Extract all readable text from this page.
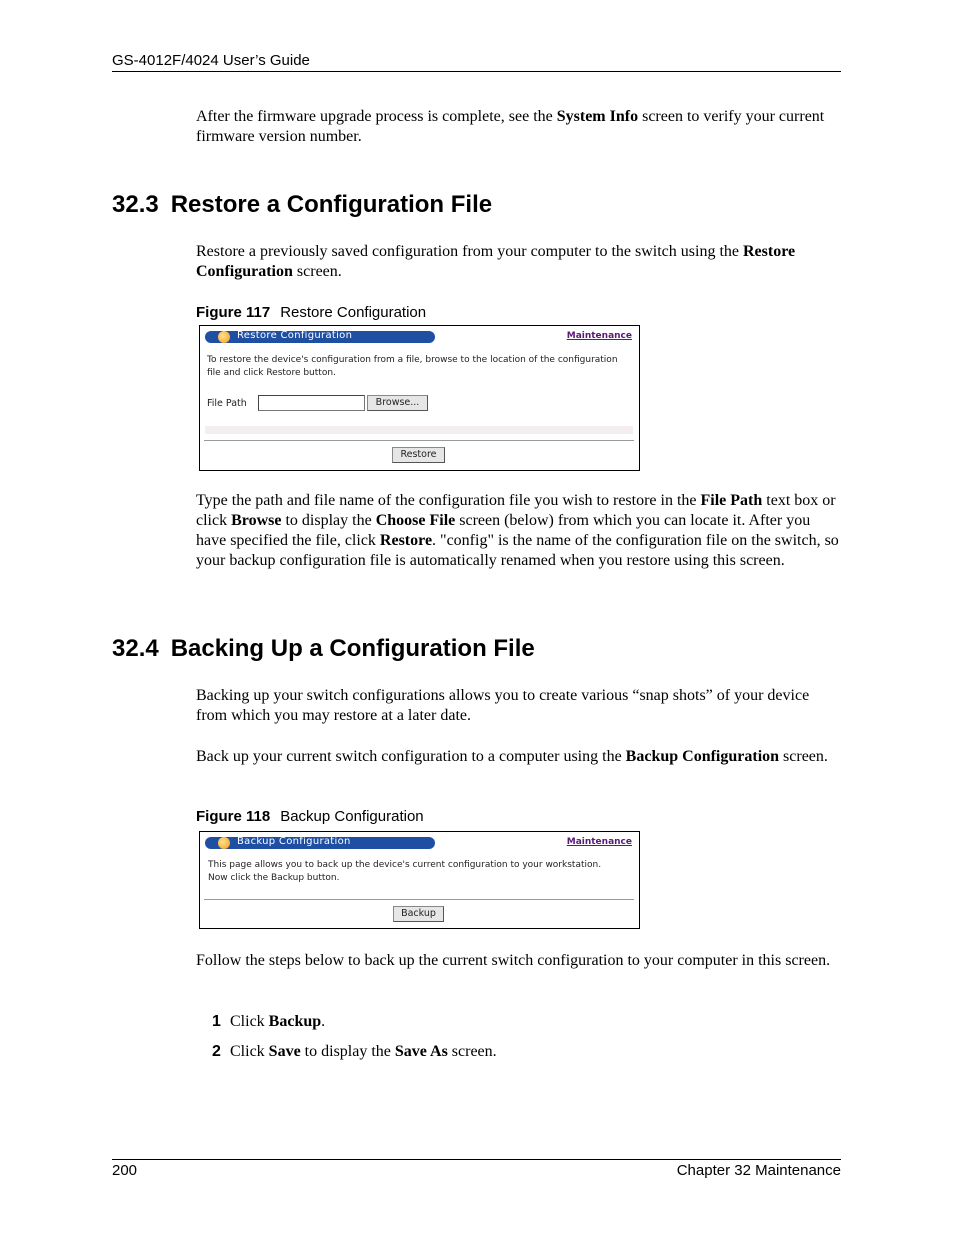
GS-4012F/4024 User’s Guide

After the firmware upgrade process is complete, see the System Info screen to verify your current firmware version number.

32.3 Restore a Configuration File

Restore a previously saved configuration from your computer to the switch using the Restore Configuration screen.

Figure 117 Restore Configuration
Restore Configuration	Maintenance
To restore the device's configuration from a file, browse to the location of the configuration file and click Restore button.
File Path	Browse...
Restore

Type the path and file name of the configuration file you wish to restore in the File Path text box or click Browse to display the Choose File screen (below) from which you can locate it. After you have specified the file, click Restore. "config" is the name of the configuration file on the switch, so your backup configuration file is automatically renamed when you restore using this screen.

32.4 Backing Up a Configuration File

Backing up your switch configurations allows you to create various “snap shots” of your device from which you may restore at a later date.

Back up your current switch configuration to a computer using the Backup Configuration screen.

Figure 118 Backup Configuration
Backup Configuration	Maintenance
This page allows you to back up the device's current configuration to your workstation. Now click the Backup button.
Backup

Follow the steps below to back up the current switch configuration to your computer in this screen.

1 Click Backup.
2 Click Save to display the Save As screen.
200	Chapter 32 Maintenance
